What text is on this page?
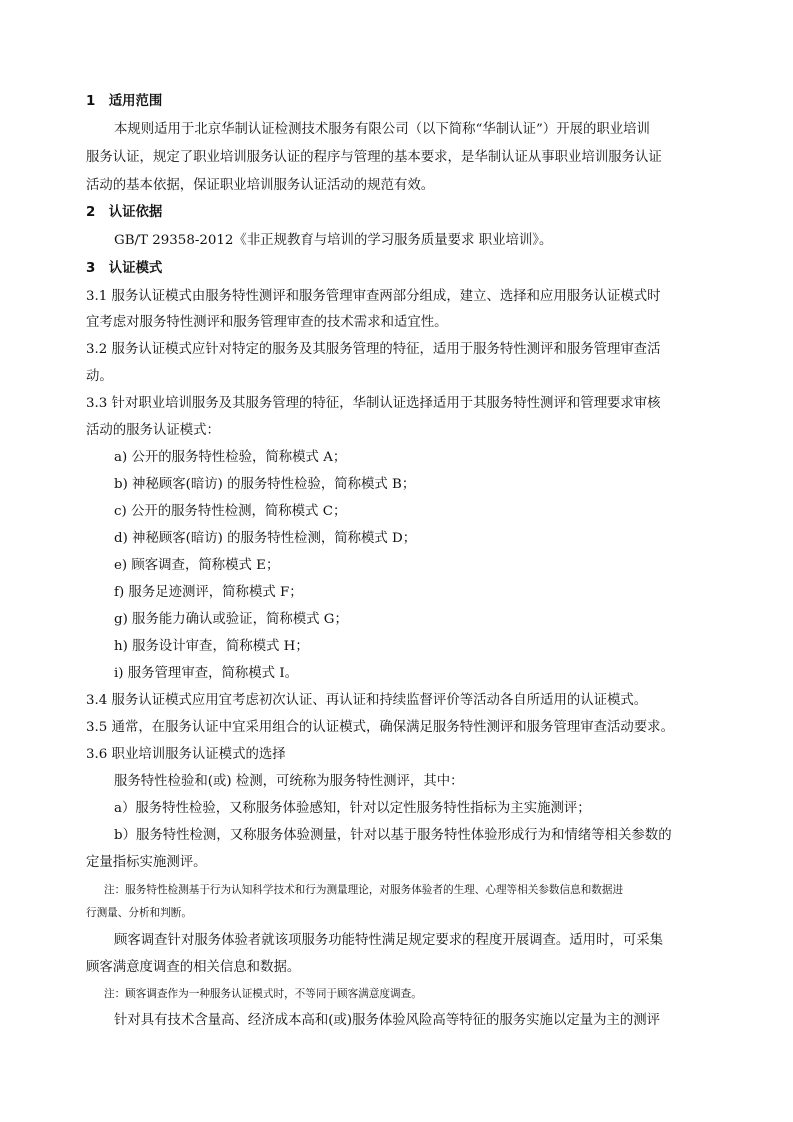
1　适用范围
本规则适用于北京华制认证检测技术服务有限公司（以下简称“华制认证”）开展的职业培训
服务认证，规定了职业培训服务认证的程序与管理的基本要求，是华制认证从事职业培训服务认证
活动的基本依据，保证职业培训服务认证活动的规范有效。
2　认证依据
GB/T 29358-2012《非正规教育与培训的学习服务质量要求 职业培训》。
3　认证模式
3.1 服务认证模式由服务特性测评和服务管理审查两部分组成，建立、选择和应用服务认证模式时
宜考虑对服务特性测评和服务管理审查的技术需求和适宜性。
3.2 服务认证模式应针对特定的服务及其服务管理的特征，适用于服务特性测评和服务管理审查活
动。
3.3 针对职业培训服务及其服务管理的特征，华制认证选择适用于其服务特性测评和管理要求审核
活动的服务认证模式：
a) 公开的服务特性检验，简称模式 A；
b) 神秘顾客(暗访) 的服务特性检验，简称模式 B；
c) 公开的服务特性检测，简称模式 C；
d) 神秘顾客(暗访) 的服务特性检测，简称模式 D；
e) 顾客调查，简称模式 E；
f) 服务足迹测评，简称模式 F；
g) 服务能力确认或验证，简称模式 G；
h) 服务设计审查，简称模式 H；
i) 服务管理审查，简称模式 I。
3.4 服务认证模式应用宜考虑初次认证、再认证和持续监督评价等活动各自所适用的认证模式。
3.5 通常，在服务认证中宜采用组合的认证模式，确保满足服务特性测评和服务管理审查活动要求。
3.6 职业培训服务认证模式的选择
服务特性检验和(或) 检测，可统称为服务特性测评，其中：
a）服务特性检验，又称服务体验感知，针对以定性服务特性指标为主实施测评；
b）服务特性检测，又称服务体验测量，针对以基于服务特性体验形成行为和情绪等相关参数的
定量指标实施测评。
注：服务特性检测基于行为认知科学技术和行为测量理论，对服务体验者的生理、心理等相关参数信息和数据进
行测量、分析和判断。
顾客调查针对服务体验者就该项服务功能特性满足规定要求的程度开展调查。适用时，可采集
顾客满意度调查的相关信息和数据。
注：顾客调查作为一种服务认证模式时，不等同于顾客满意度调查。
针对具有技术含量高、经济成本高和(或)服务体验风险高等特征的服务实施以定量为主的测评
